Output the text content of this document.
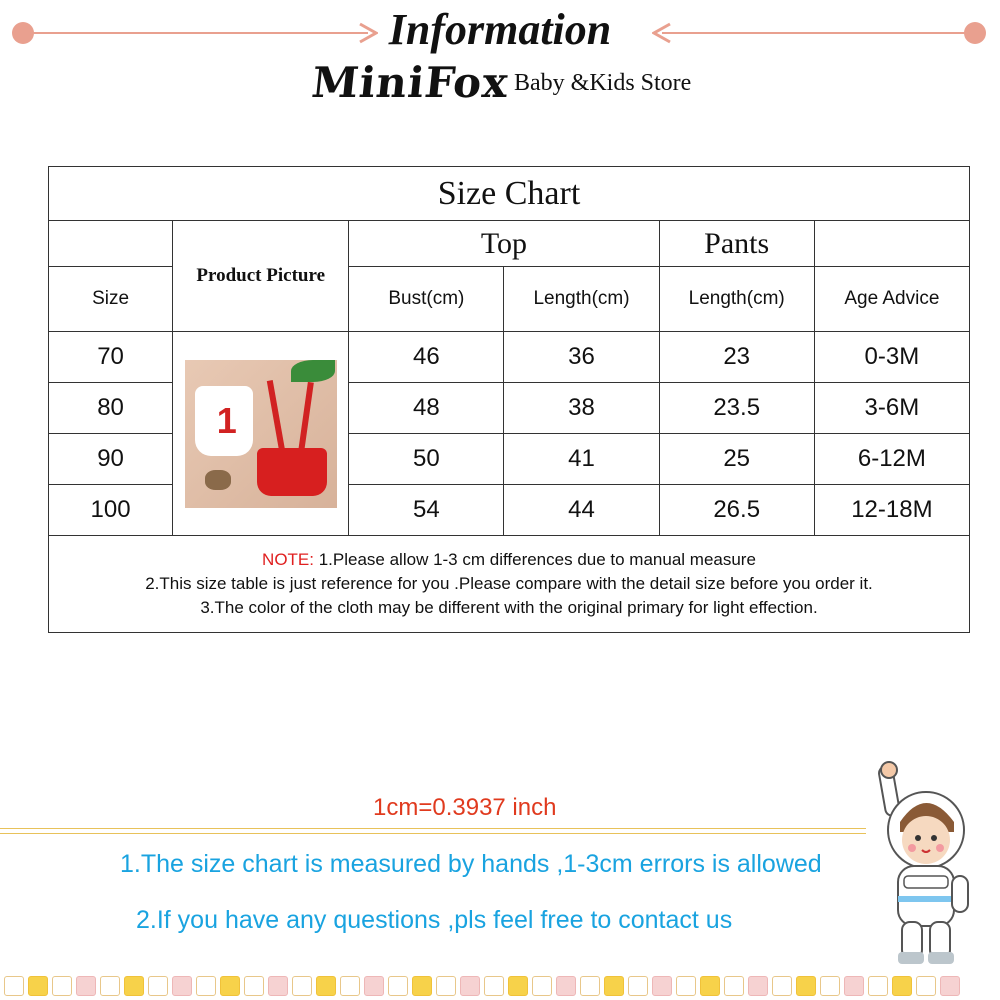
Information
MiniFox Baby &Kids Store
Size Chart					
	Product Picture	Top		Pants	
Size		Bust(cm)	Length(cm)	Length(cm)	Age Advice
70	1	46	36	23	0-3M
80		48	38	23.5	3-6M
90		50	41	25	6-12M
100		54	44	26.5	12-18M

NOTE: 1.Please allow 1-3 cm differences due to manual measure
2.This size table is just reference for you .Please compare with the detail size before you order it.
3.The color of the cloth may be different with the original primary for light effection.					
1cm=0.3937 inch
1.The size chart is measured by hands ,1-3cm errors is allowed
2.If you have any questions ,pls feel free to contact us
